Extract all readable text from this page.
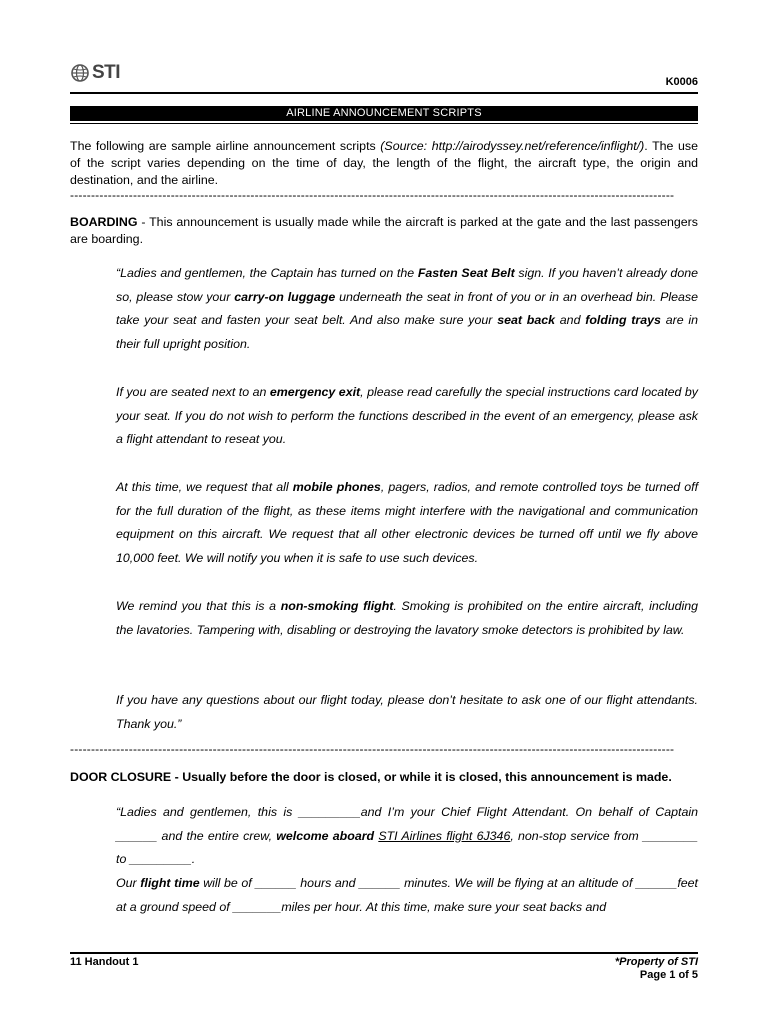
STI	K0006
AIRLINE ANNOUNCEMENT SCRIPTS
The following are sample airline announcement scripts (Source: http://airodyssey.net/reference/inflight/). The use of the script varies depending on the time of day, the length of the flight, the aircraft type, the origin and destination, and the airline.
------------------------------------------------------------------------------------------------------------------------------------------------
BOARDING - This announcement is usually made while the aircraft is parked at the gate and the last passengers are boarding.
“Ladies and gentlemen, the Captain has turned on the Fasten Seat Belt sign. If you haven’t already done so, please stow your carry-on luggage underneath the seat in front of you or in an overhead bin. Please take your seat and fasten your seat belt. And also make sure your seat back and folding trays are in their full upright position.
If you are seated next to an emergency exit, please read carefully the special instructions card located by your seat. If you do not wish to perform the functions described in the event of an emergency, please ask a flight attendant to reseat you.
At this time, we request that all mobile phones, pagers, radios, and remote controlled toys be turned off for the full duration of the flight, as these items might interfere with the navigational and communication equipment on this aircraft. We request that all other electronic devices be turned off until we fly above 10,000 feet. We will notify you when it is safe to use such devices.
We remind you that this is a non-smoking flight. Smoking is prohibited on the entire aircraft, including the lavatories. Tampering with, disabling or destroying the lavatory smoke detectors is prohibited by law.
If you have any questions about our flight today, please don’t hesitate to ask one of our flight attendants. Thank you.”
------------------------------------------------------------------------------------------------------------------------------------------------
DOOR CLOSURE - Usually before the door is closed, or while it is closed, this announcement is made.
“Ladies and gentlemen, this is _________and I’m your Chief Flight Attendant. On behalf of Captain ______ and the entire crew, welcome aboard STI Airlines flight 6J346, non-stop service from ________ to _________.
Our flight time will be of ______ hours and ______ minutes. We will be flying at an altitude of ______feet at a ground speed of _______miles per hour. At this time, make sure your seat backs and
11 Handout 1	*Property of STI
Page 1 of 5
